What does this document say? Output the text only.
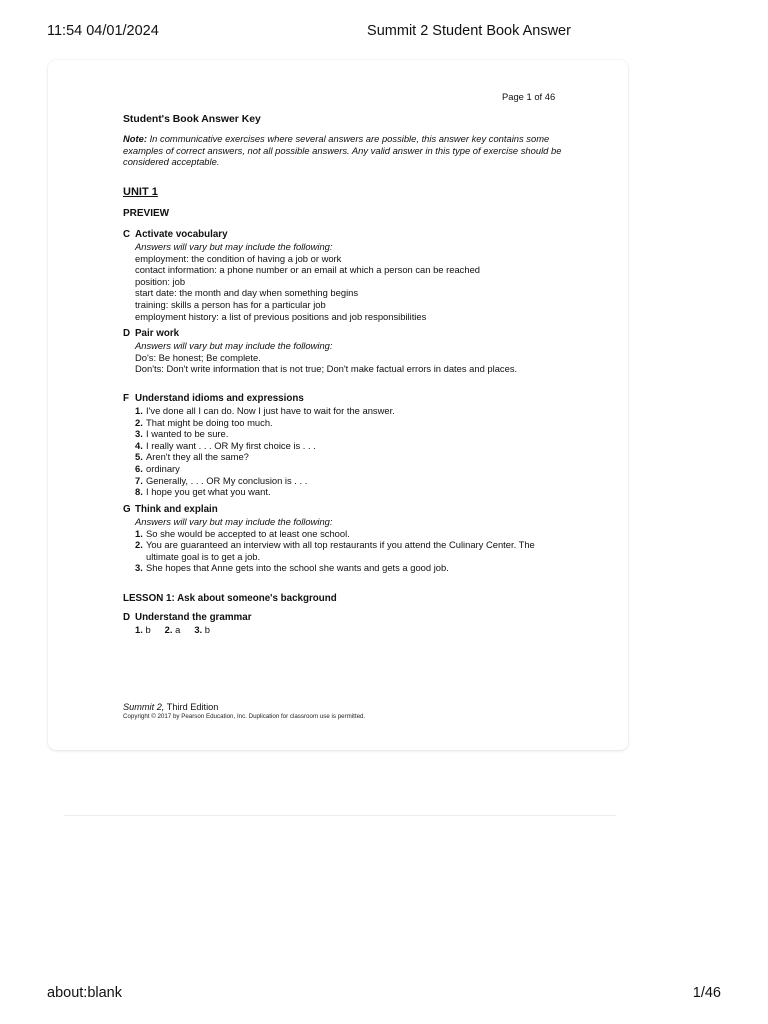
11:54 04/01/2024	Summit 2 Student Book Answer
Page 1 of 46
Student's Book Answer Key
Note: In communicative exercises where several answers are possible, this answer key contains some examples of correct answers, not all possible answers. Any valid answer in this type of exercise should be considered acceptable.
UNIT 1
PREVIEW
C Activate vocabulary
Answers will vary but may include the following:
employment: the condition of having a job or work
contact information: a phone number or an email at which a person can be reached
position: job
start date: the month and day when something begins
training: skills a person has for a particular job
employment history: a list of previous positions and job responsibilities
D Pair work
Answers will vary but may include the following:
Do's: Be honest; Be complete.
Don'ts: Don't write information that is not true; Don't make factual errors in dates and places.
F Understand idioms and expressions
1. I've done all I can do. Now I just have to wait for the answer.
2. That might be doing too much.
3. I wanted to be sure.
4. I really want . . . OR My first choice is . . .
5. Aren't they all the same?
6. ordinary
7. Generally, . . . OR My conclusion is . . .
8. I hope you get what you want.
G Think and explain
Answers will vary but may include the following:
1. So she would be accepted to at least one school.
2. You are guaranteed an interview with all top restaurants if you attend the Culinary Center. The ultimate goal is to get a job.
3. She hopes that Anne gets into the school she wants and gets a good job.
LESSON 1: Ask about someone's background
D Understand the grammar
1. b 2. a 3. b
Summit 2, Third Edition
Copyright © 2017 by Pearson Education, Inc. Duplication for classroom use is permitted.
about:blank	1/46
